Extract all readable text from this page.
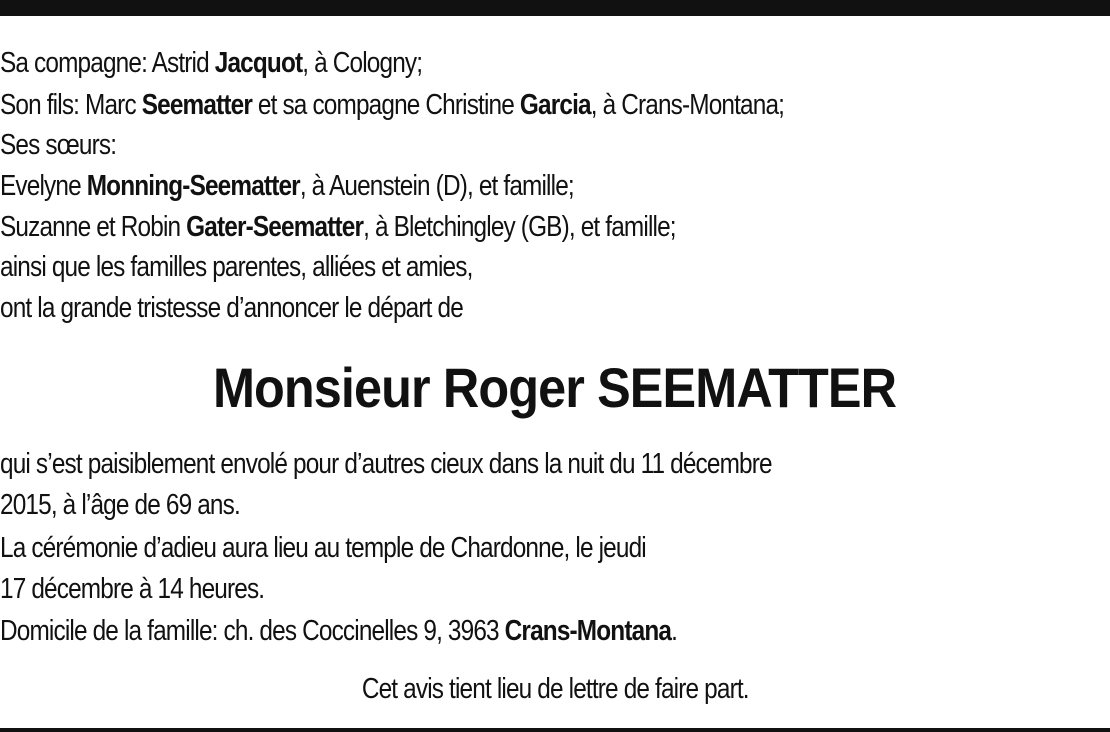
Sa compagne: Astrid Jacquot, à Cologny;
Son fils: Marc Seematter et sa compagne Christine Garcia, à Crans-Montana;
Ses sœurs:
Evelyne Monning-Seematter, à Auenstein (D), et famille;
Suzanne et Robin Gater-Seematter, à Bletchingley (GB), et famille;
ainsi que les familles parentes, alliées et amies,
ont la grande tristesse d’annoncer le départ de
Monsieur Roger SEEMATTER
qui s’est paisiblement envolé pour d’autres cieux dans la nuit du 11 décembre
2015, à l’âge de 69 ans.
La cérémonie d’adieu aura lieu au temple de Chardonne, le jeudi
17 décembre à 14 heures.
Domicile de la famille: ch. des Coccinelles 9, 3963 Crans-Montana.
Cet avis tient lieu de lettre de faire part.
